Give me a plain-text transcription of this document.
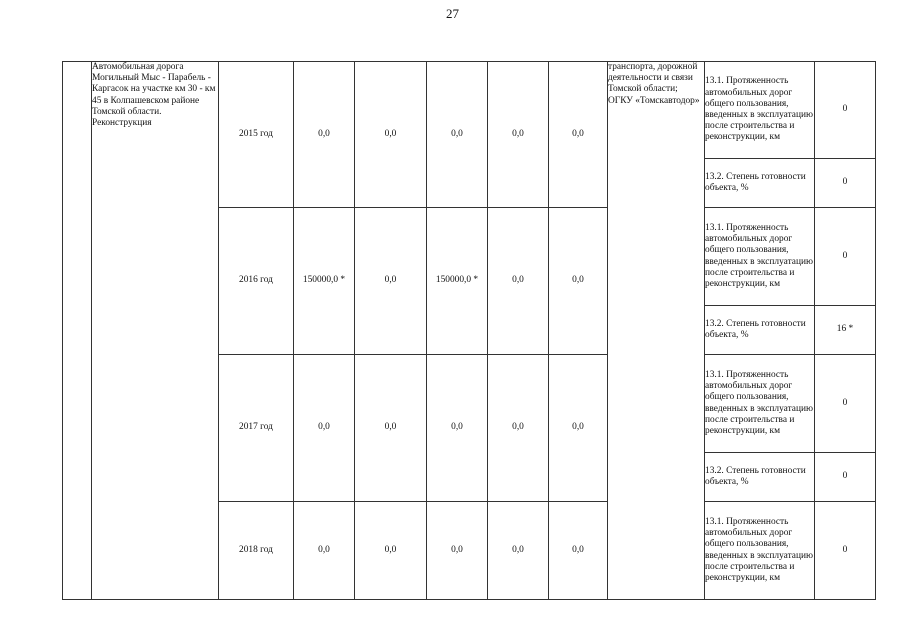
27
	Автомобильная дорога Могильный Мыс - Парабель - Каргасок на участке км 30 - км 45 в Колпашевском районе Томской области. Реконструкция	2015 год	0,0	0,0	0,0	0,0	0,0	транспорта, дорожной деятельности и связи Томской области; ОГКУ «Томскавтодор»	13.1. Протяженность автомобильных дорог общего пользования, введенных в эксплуатацию после строительства и реконструкции, км	0
									13.2. Степень готовности объекта, %	0
		2016 год	150000,0 *	0,0	150000,0 *	0,0	0,0		13.1. Протяженность автомобильных дорог общего пользования, введенных в эксплуатацию после строительства и реконструкции, км	0
									13.2. Степень готовности объекта, %	16 *
		2017 год	0,0	0,0	0,0	0,0	0,0		13.1. Протяженность автомобильных дорог общего пользования, введенных в эксплуатацию после строительства и реконструкции, км	0
									13.2. Степень готовности объекта, %	0
		2018 год	0,0	0,0	0,0	0,0	0,0		13.1. Протяженность автомобильных дорог общего пользования, введенных в эксплуатацию после строительства и реконструкции, км	0
